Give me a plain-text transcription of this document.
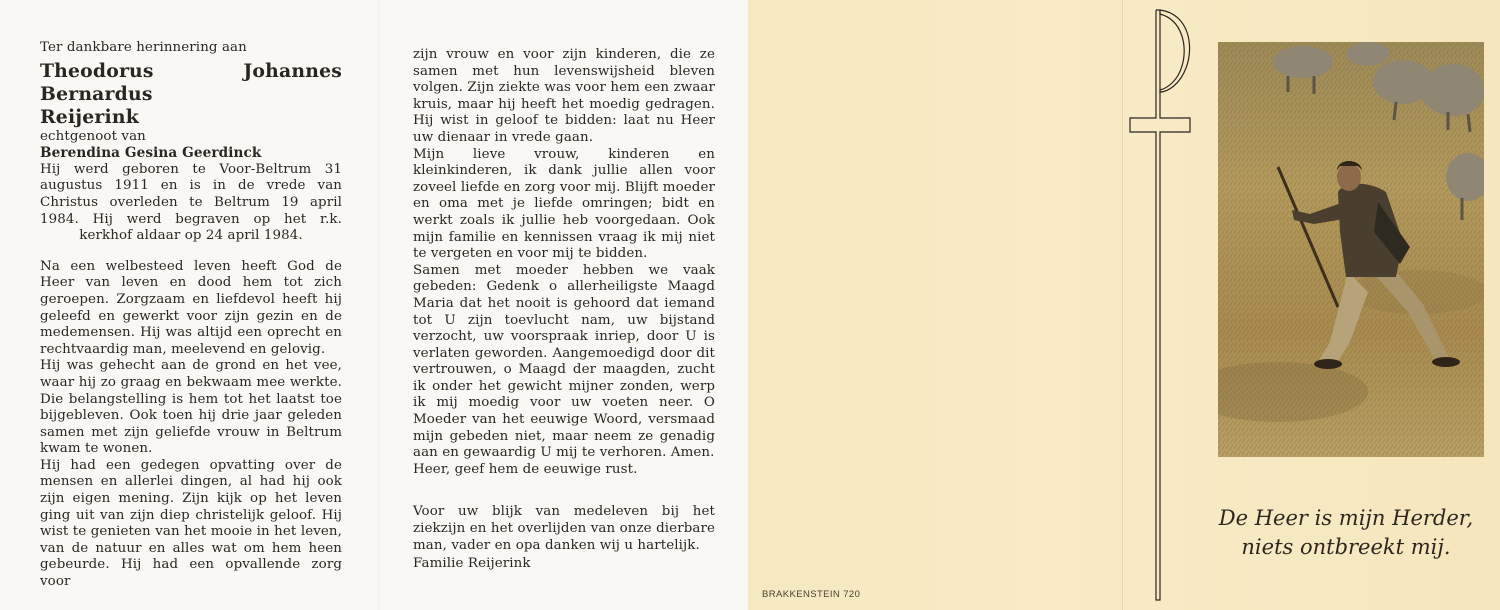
Ter dankbare herinnering aan

Theodorus Johannes Bernardus

Reijerink

echtgenoot van

Berendina Gesina Geerdinck

Hij werd geboren te Voor-Beltrum 31 augustus 1911 en is in de vrede van Christus overleden te Beltrum 19 april 1984. Hij werd begraven op het r.k. kerkhof aldaar op 24 april 1984.

Na een welbesteed leven heeft God de Heer van leven en dood hem tot zich geroepen. Zorgzaam en liefdevol heeft hij geleefd en gewerkt voor zijn gezin en de medemensen. Hij was altijd een oprecht en rechtvaardig man, meelevend en gelovig.

Hij was gehecht aan de grond en het vee, waar hij zo graag en bekwaam mee werkte. Die belangstelling is hem tot het laatst toe bijgebleven. Ook toen hij drie jaar geleden samen met zijn geliefde vrouw in Beltrum kwam te wonen.

Hij had een gedegen opvatting over de mensen en allerlei dingen, al had hij ook zijn eigen mening. Zijn kijk op het leven ging uit van zijn diep christelijk geloof. Hij wist te genieten van het mooie in het leven, van de natuur en alles wat om hem heen gebeurde. Hij had een opvallende zorg voor

zijn vrouw en voor zijn kinderen, die ze samen met hun levenswijsheid bleven volgen. Zijn ziekte was voor hem een zwaar kruis, maar hij heeft het moedig gedragen. Hij wist in geloof te bidden: laat nu Heer uw dienaar in vrede gaan.

Mijn lieve vrouw, kinderen en kleinkinderen, ik dank jullie allen voor zoveel liefde en zorg voor mij. Blijft moeder en oma met je liefde omringen; bidt en werkt zoals ik jullie heb voorgedaan. Ook mijn familie en kennissen vraag ik mij niet te vergeten en voor mij te bidden.

Samen met moeder hebben we vaak gebeden: Gedenk o allerheiligste Maagd Maria dat het nooit is gehoord dat iemand tot U zijn toevlucht nam, uw bijstand verzocht, uw voorspraak inriep, door U is verlaten geworden. Aangemoedigd door dit vertrouwen, o Maagd der maagden, zucht ik onder het gewicht mijner zonden, werp ik mij moedig voor uw voeten neer. O Moeder van het eeuwige Woord, versmaad mijn gebeden niet, maar neem ze genadig aan en gewaardig U mij te verhoren. Amen.

Heer, geef hem de eeuwige rust.

Voor uw blijk van medeleven bij het ziekzijn en het overlijden van onze dierbare man, vader en opa danken wij u hartelijk.

Familie Reijerink

BRAKKENSTEIN 720
De Heer is mijn Herder,
niets ontbreekt mij.
